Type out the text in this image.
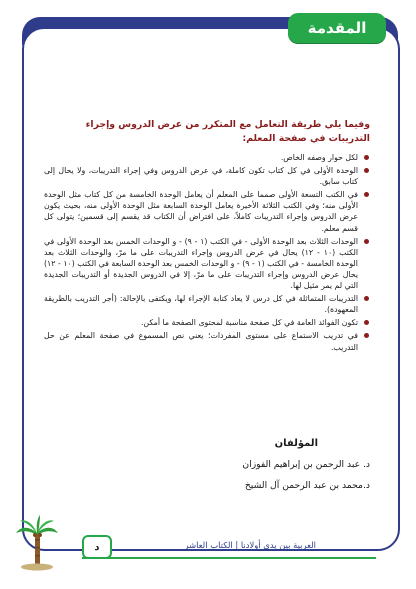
المقدمة

وفيما يلي طريقة التعامل مع المتكرر من عرض الدروس وإجراء التدريبات في صفحة المعلم:

لكل حوار وصفه الخاص.
الوحدة الأولى في كل كتاب تكون كاملة، في عرض الدروس وفي إجراء التدريبات، ولا يحال إلى كتاب سابق.
في الكتب التسعة الأولى صمما على المعلم أن يعامل الوحدة الخامسة من كل كتاب مثل الوحدة الأولى منه؛ وفي الكتب الثلاثة الأخيرة يعامل الوحدة السابعة مثل الوحدة الأولى منه، بحيث يكون عرض الدروس وإجراء التدريبات كاملاً، على افتراض أن الكتاب قد يقسم إلى قسمين؛ يتولى كل قسم معلم.
الوحدات الثلاث بعد الوحدة الأولى - في الكتب (١ - ٩) - و الوحدات الخمس بعد الوحدة الأولى في الكتب (١٠ - ١٢) يحال في عرض الدروس وإجراء التدريبات على ما مرّ، والوحدات الثلاث بعد الوحدة الخامسة - في الكتب (١ - ٩) - و الوحدات الخمس بعد الوحدة السابعة في الكتب (١٠ - ١٢) يحال عرض الدروس وإجراء التدريبات على ما مرّ، إلا في الدروس الجديدة أو التدريبات الجديدة التي لم يمر مثيل لها.
التدريبات المتماثلة في كل درس لا يعاد كتابة الإجراء لها، ويكتفى بالإحالة: (أجر التدريب بالطريقة المعهودة).
تكون الفوائد العامة في كل صفحة مناسبة لمحتوى الصفحة ما أمكن.
في تدريب الاستماع على مستوى المفردات؛ يعني نص المسموع في صفحة المعلم عن حل التدريب.
المؤلفان
د. عبد الرحمن بن إبراهيم الفوزان
د.محمد بن عبد الرحمن آل الشيخ
د	العربية بين يدي أولادنا | الكتاب العاشر
